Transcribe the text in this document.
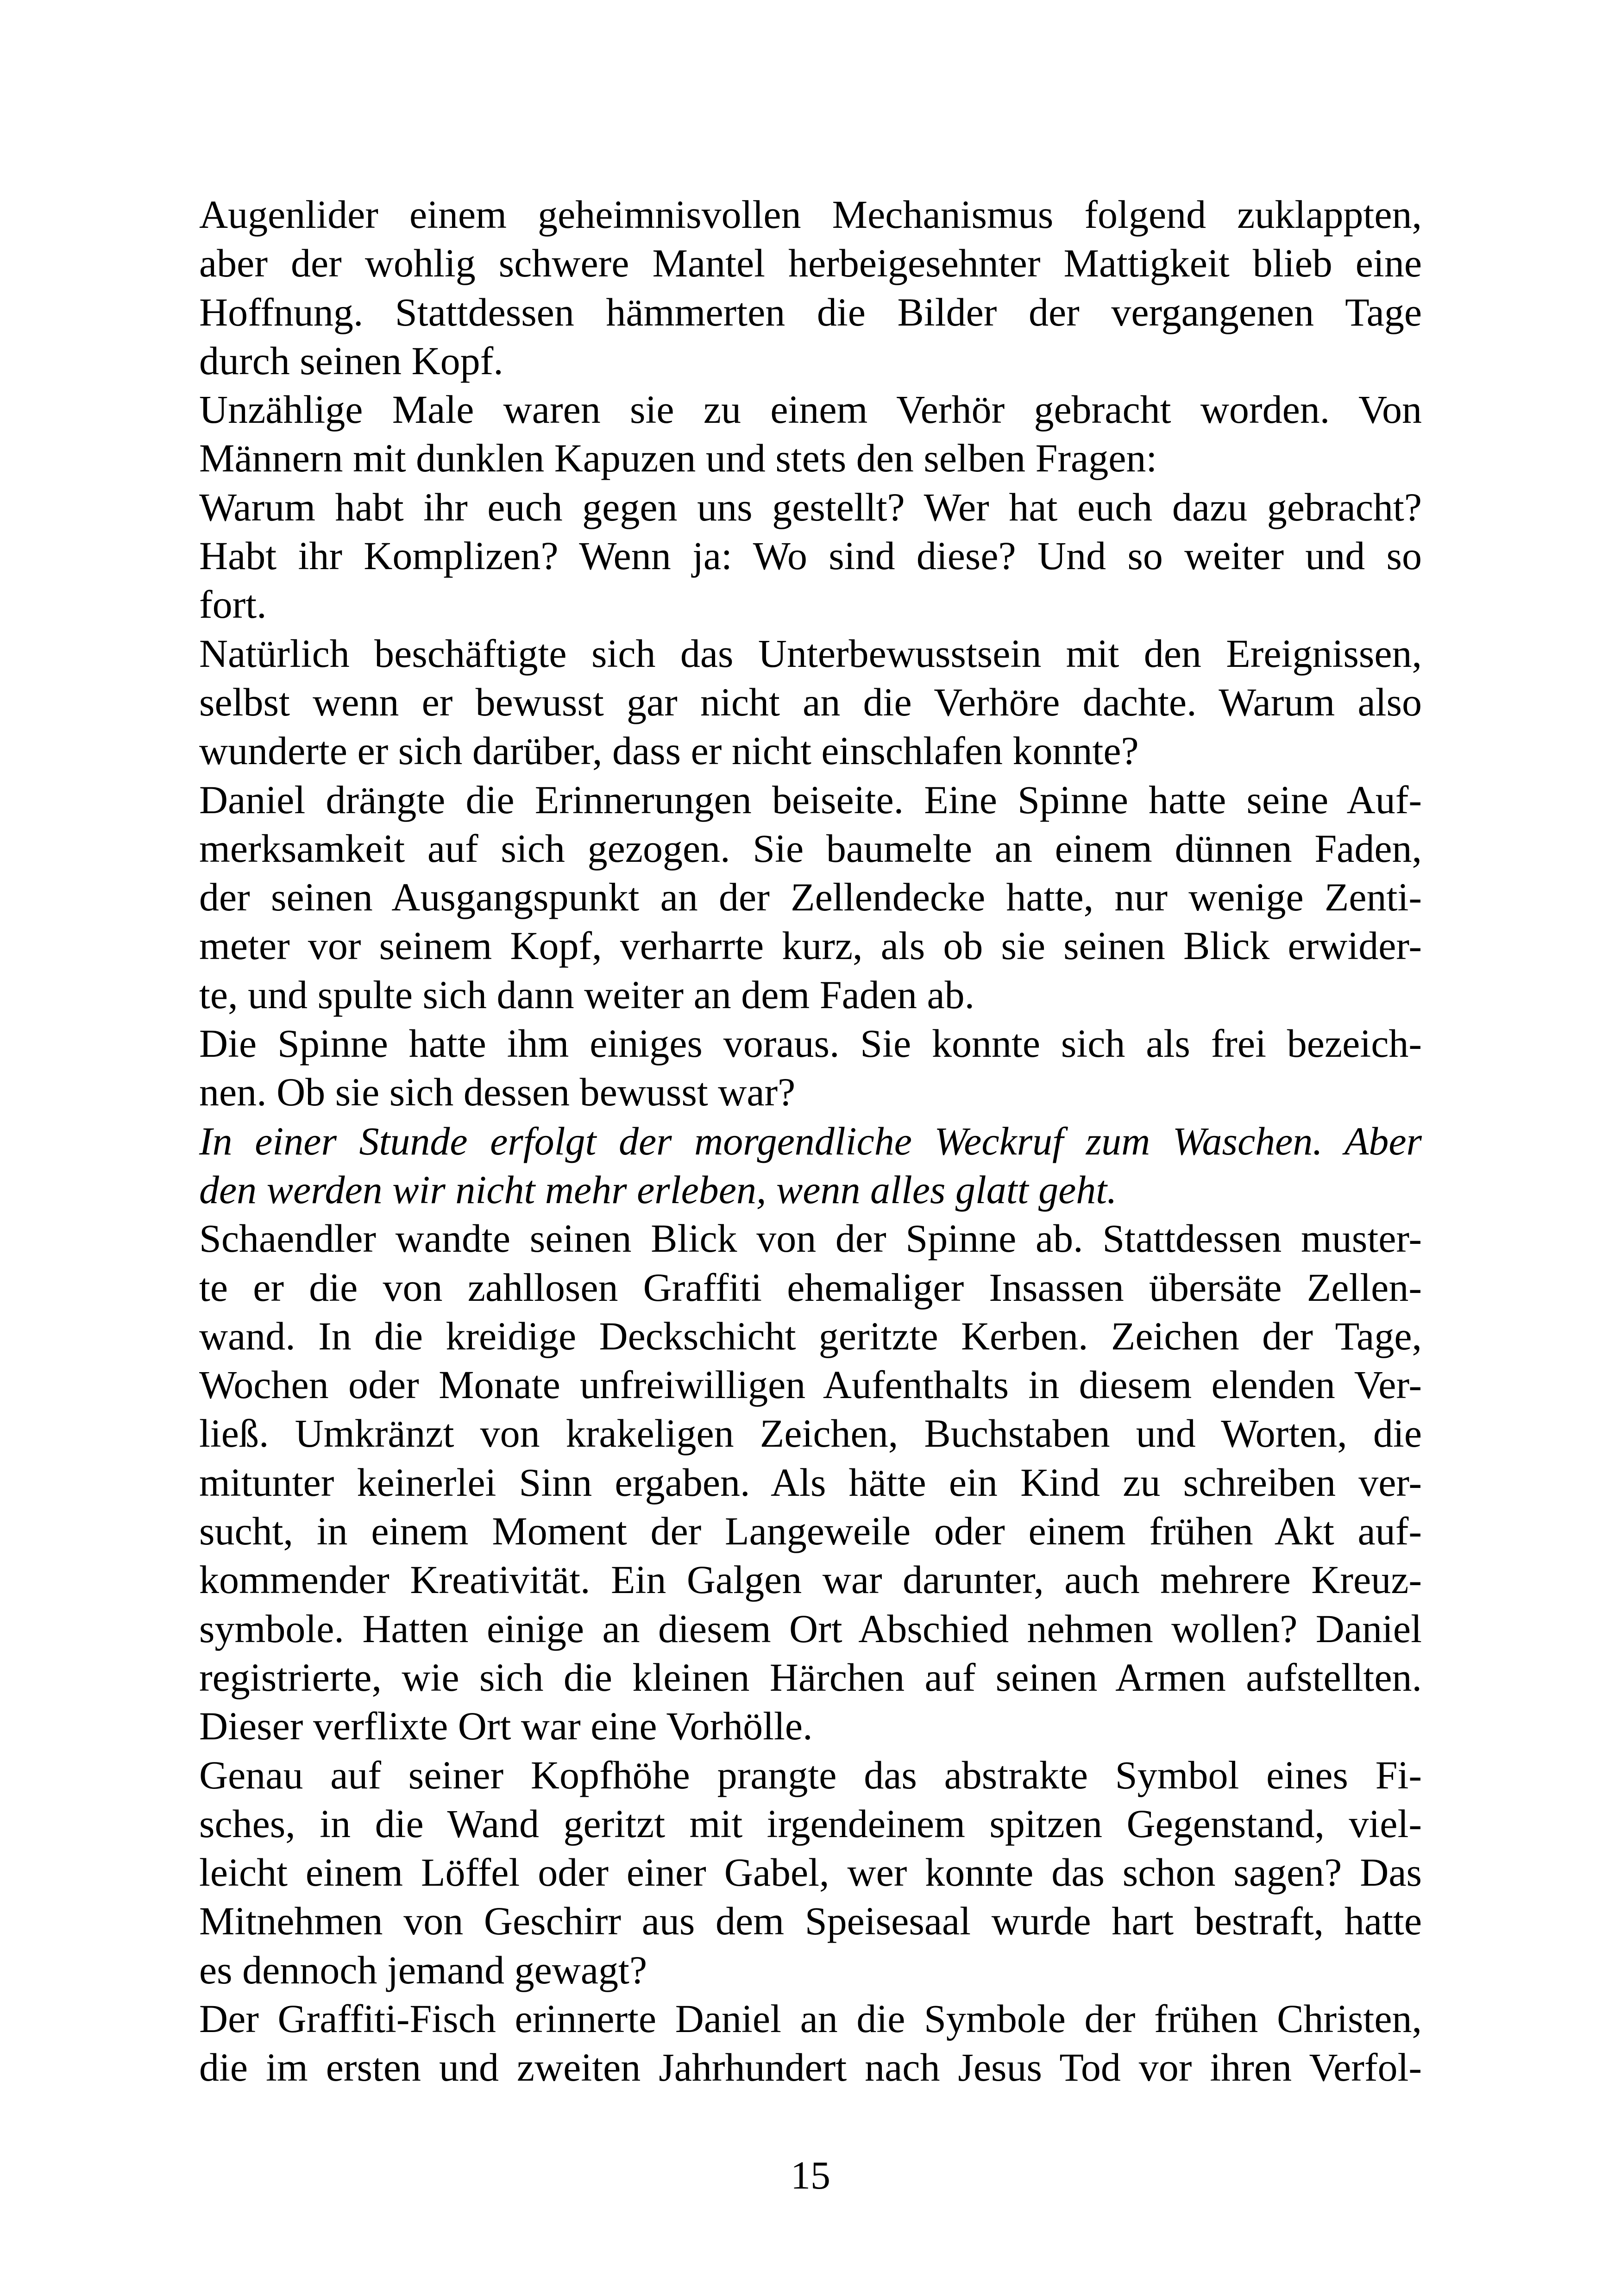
Augenlider einem geheimnisvollen Mechanismus folgend zuklappten,
aber der wohlig schwere Mantel herbeigesehnter Mattigkeit blieb eine
Hoffnung. Stattdessen hämmerten die Bilder der vergangenen Tage
durch seinen Kopf.
Unzählige Male waren sie zu einem Verhör gebracht worden. Von
Männern mit dunklen Kapuzen und stets den selben Fragen:
Warum habt ihr euch gegen uns gestellt? Wer hat euch dazu gebracht?
Habt ihr Komplizen? Wenn ja: Wo sind diese? Und so weiter und so
fort.
Natürlich beschäftigte sich das Unterbewusstsein mit den Ereignissen,
selbst wenn er bewusst gar nicht an die Verhöre dachte. Warum also
wunderte er sich darüber, dass er nicht einschlafen konnte?
Daniel drängte die Erinnerungen beiseite. Eine Spinne hatte seine Auf-
merksamkeit auf sich gezogen. Sie baumelte an einem dünnen Faden,
der seinen Ausgangspunkt an der Zellendecke hatte, nur wenige Zenti-
meter vor seinem Kopf, verharrte kurz, als ob sie seinen Blick erwider-
te, und spulte sich dann weiter an dem Faden ab.
Die Spinne hatte ihm einiges voraus. Sie konnte sich als frei bezeich-
nen. Ob sie sich dessen bewusst war?
In einer Stunde erfolgt der morgendliche Weckruf zum Waschen. Aber
den werden wir nicht mehr erleben, wenn alles glatt geht.
Schaendler wandte seinen Blick von der Spinne ab. Stattdessen muster-
te er die von zahllosen Graffiti ehemaliger Insassen übersäte Zellen-
wand. In die kreidige Deckschicht geritzte Kerben. Zeichen der Tage,
Wochen oder Monate unfreiwilligen Aufenthalts in diesem elenden Ver-
ließ. Umkränzt von krakeligen Zeichen, Buchstaben und Worten, die
mitunter keinerlei Sinn ergaben. Als hätte ein Kind zu schreiben ver-
sucht, in einem Moment der Langeweile oder einem frühen Akt auf-
kommender Kreativität. Ein Galgen war darunter, auch mehrere Kreuz-
symbole. Hatten einige an diesem Ort Abschied nehmen wollen? Daniel
registrierte, wie sich die kleinen Härchen auf seinen Armen aufstellten.
Dieser verflixte Ort war eine Vorhölle.
Genau auf seiner Kopfhöhe prangte das abstrakte Symbol eines Fi-
sches, in die Wand geritzt mit irgendeinem spitzen Gegenstand, viel-
leicht einem Löffel oder einer Gabel, wer konnte das schon sagen? Das
Mitnehmen von Geschirr aus dem Speisesaal wurde hart bestraft, hatte
es dennoch jemand gewagt?
Der Graffiti-Fisch erinnerte Daniel an die Symbole der frühen Christen,
die im ersten und zweiten Jahrhundert nach Jesus Tod vor ihren Verfol-
15
